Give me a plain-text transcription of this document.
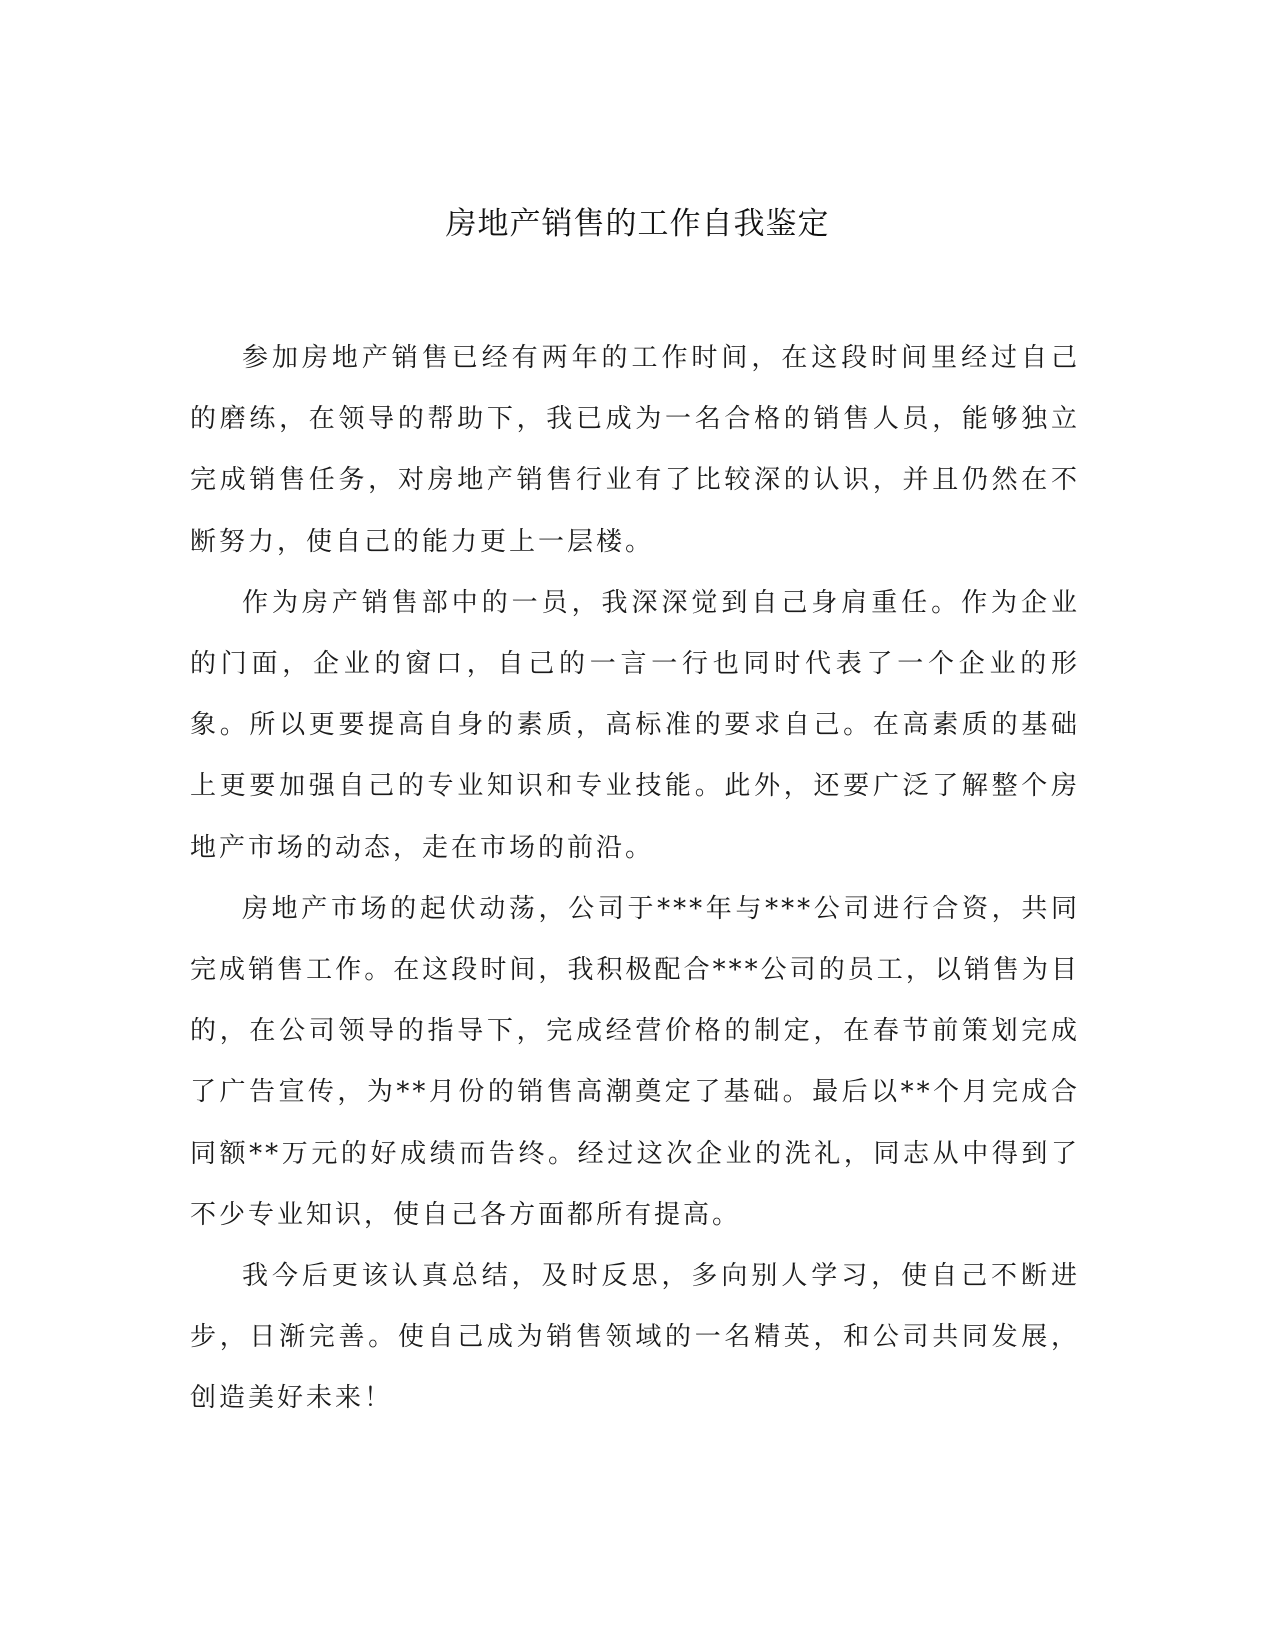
房地产销售的工作自我鉴定

参加房地产销售已经有两年的工作时间，在这段时间里经过自己的磨练，在领导的帮助下，我已成为一名合格的销售人员，能够独立完成销售任务，对房地产销售行业有了比较深的认识，并且仍然在不断努力，使自己的能力更上一层楼。

作为房产销售部中的一员，我深深觉到自己身肩重任。作为企业的门面，企业的窗口，自己的一言一行也同时代表了一个企业的形象。所以更要提高自身的素质，高标准的要求自己。在高素质的基础上更要加强自己的专业知识和专业技能。此外，还要广泛了解整个房地产市场的动态，走在市场的前沿。

房地产市场的起伏动荡，公司于***年与***公司进行合资，共同完成销售工作。在这段时间，我积极配合***公司的员工，以销售为目的，在公司领导的指导下，完成经营价格的制定，在春节前策划完成了广告宣传，为**月份的销售高潮奠定了基础。最后以**个月完成合同额**万元的好成绩而告终。经过这次企业的洗礼，同志从中得到了不少专业知识，使自己各方面都所有提高。

我今后更该认真总结，及时反思，多向别人学习，使自己不断进步，日渐完善。使自己成为销售领域的一名精英，和公司共同发展，创造美好未来！
